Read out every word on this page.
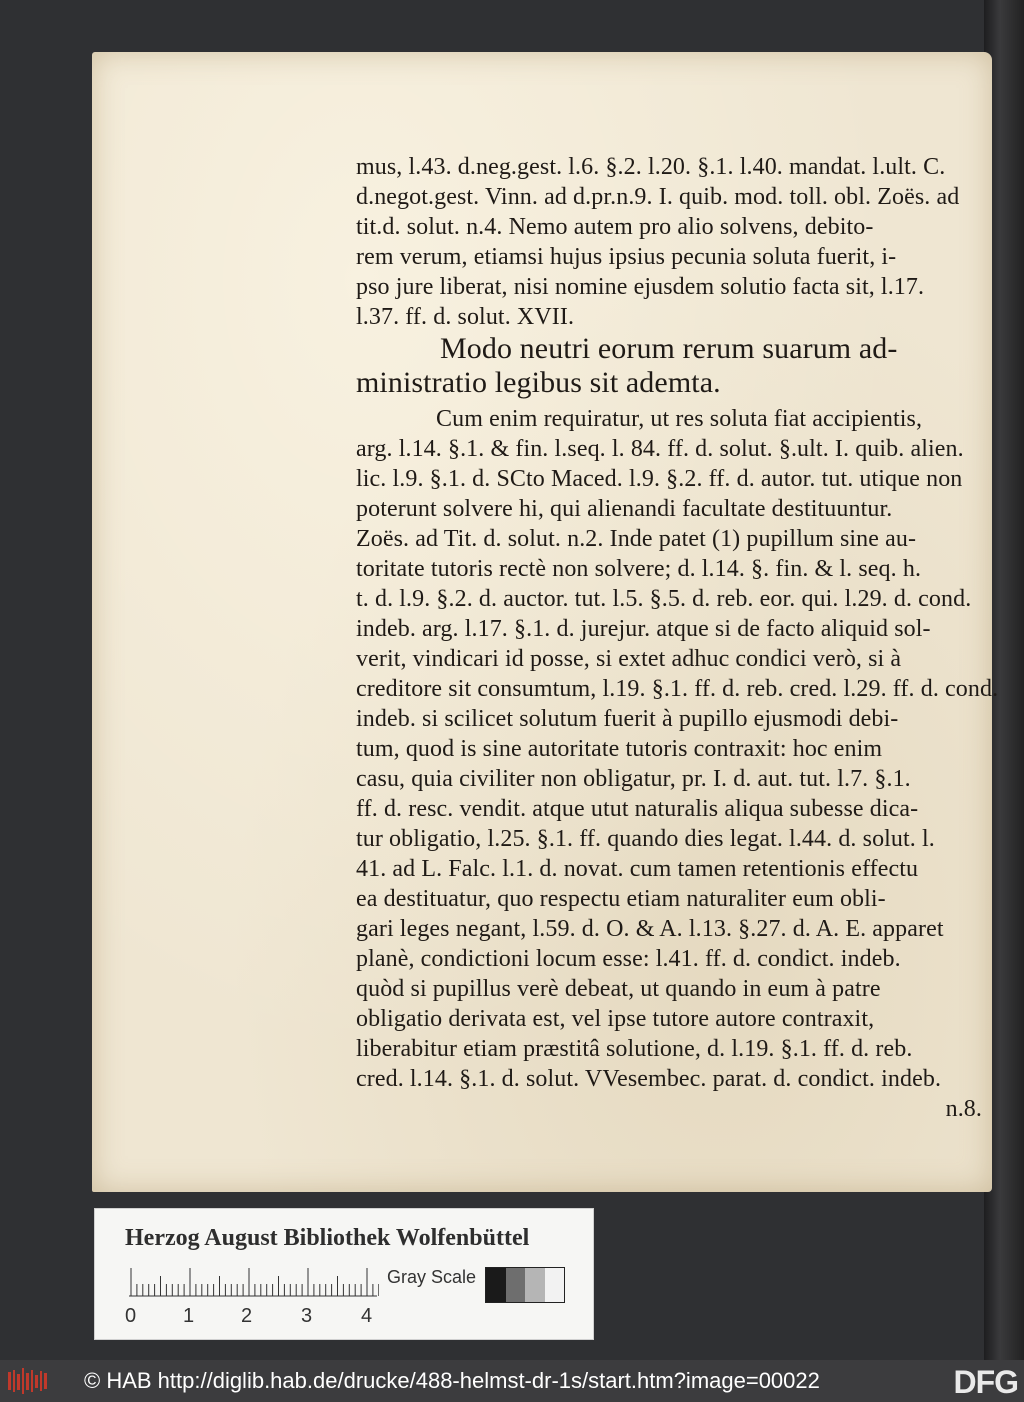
mus, l.43. d.neg.gest. l.6. §.2. l.20. §.1. l.40. mandat. l.ult. C.
d.negot.gest. Vinn. ad d.pr.n.9. I. quib. mod. toll. obl. Zoës. ad
tit.d. solut. n.4. Nemo autem pro alio solvens, debito-
rem verum, etiamsi hujus ipsius pecunia soluta fuerit, i-
pso jure liberat, nisi nomine ejusdem solutio facta sit, l.17.
l.37. ff. d. solut. XVII.
Modo neutri eorum rerum suarum ad-
ministratio legibus sit ademta.
Cum enim requiratur, ut res soluta fiat accipientis,
arg. l.14. §.1. & fin. l.seq. l. 84. ff. d. solut. §.ult. I. quib. alien.
lic. l.9. §.1. d. SCto Maced. l.9. §.2. ff. d. autor. tut. utique non
poterunt solvere hi, qui alienandi facultate destituuntur.
Zoës. ad Tit. d. solut. n.2. Inde patet (1) pupillum sine au-
toritate tutoris rectè non solvere; d. l.14. §. fin. & l. seq. h.
t. d. l.9. §.2. d. auctor. tut. l.5. §.5. d. reb. eor. qui. l.29. d. cond.
indeb. arg. l.17. §.1. d. jurejur. atque si de facto aliquid sol-
verit, vindicari id posse, si extet adhuc condici verò, si à
creditore sit consumtum, l.19. §.1. ff. d. reb. cred. l.29. ff. d. cond.
indeb. si scilicet solutum fuerit à pupillo ejusmodi debi-
tum, quod is sine autoritate tutoris contraxit: hoc enim
casu, quia civiliter non obligatur, pr. I. d. aut. tut. l.7. §.1.
ff. d. resc. vendit. atque utut naturalis aliqua subesse dica-
tur obligatio, l.25. §.1. ff. quando dies legat. l.44. d. solut. l.
41. ad L. Falc. l.1. d. novat. cum tamen retentionis effectu
ea destituatur, quo respectu etiam naturaliter eum obli-
gari leges negant, l.59. d. O. & A. l.13. §.27. d. A. E. apparet
planè, condictioni locum esse: l.41. ff. d. condict. indeb.
quòd si pupillus verè debeat, ut quando in eum à patre
obligatio derivata est, vel ipse tutore autore contraxit,
liberabitur etiam præstitâ solutione, d. l.19. §.1. ff. d. reb.
cred. l.14. §.1. d. solut. VVesembec. parat. d. condict. indeb.
n.8.
Herzog August Bibliothek Wolfenbüttel
Gray Scale
0 1 2 3 4
© HAB http://diglib.hab.de/drucke/488-helmst-dr-1s/start.htm?image=00022	DFG
